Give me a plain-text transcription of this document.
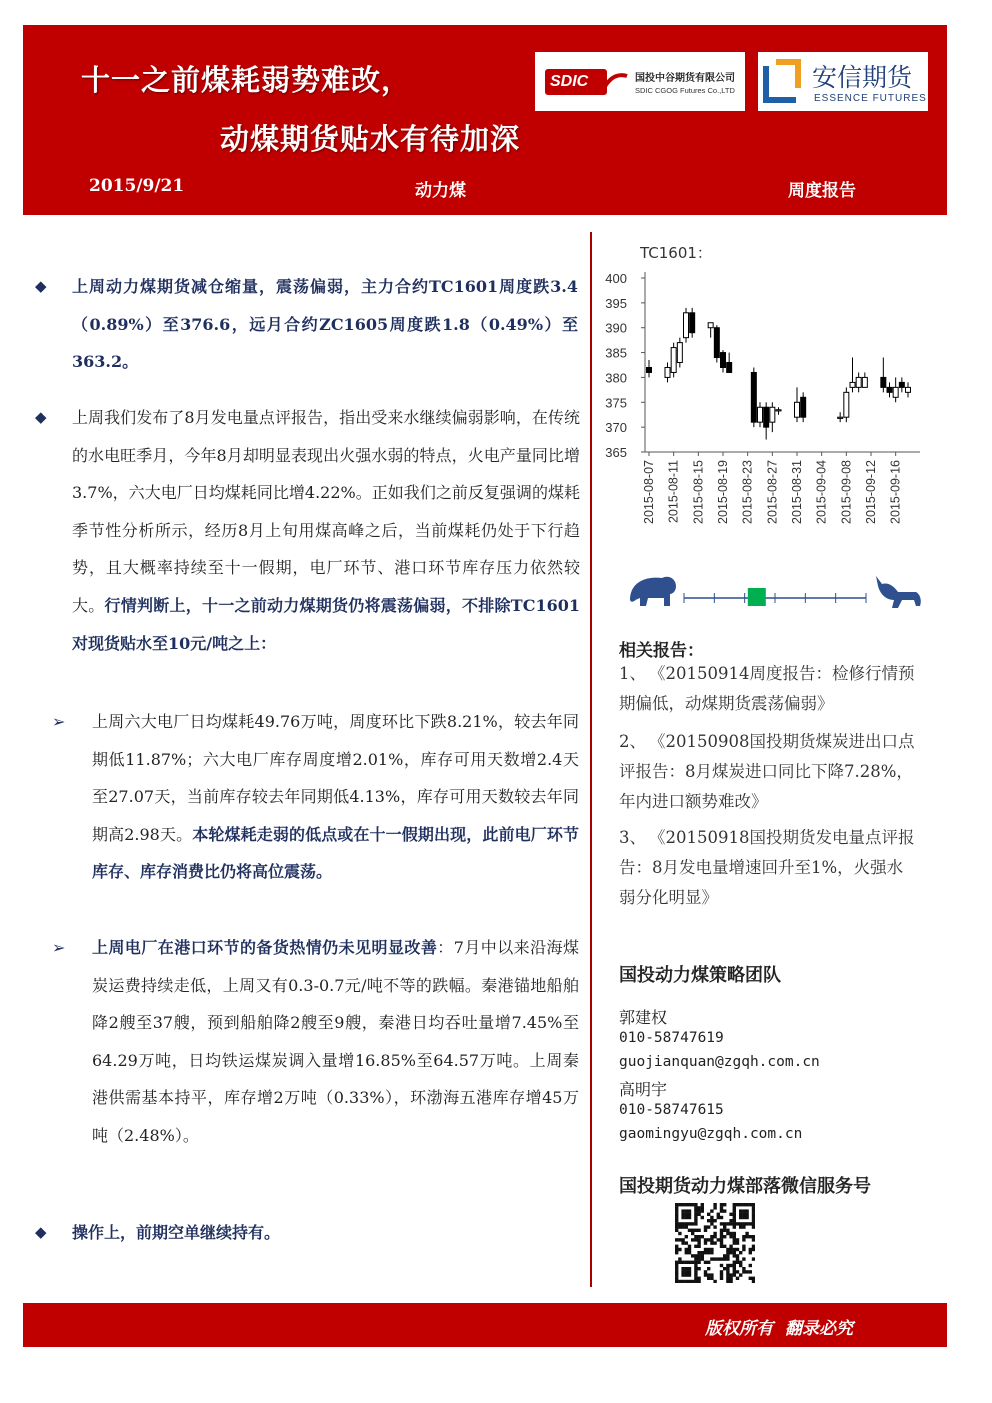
十一之前煤耗弱势难改，
动煤期货贴水有待加深
SDIC	国投中谷期货有限公司
SDIC CGOG Futures Co.,LTD	安信期货
ESSENCE FUTURES
2015/9/21	动力煤	周度报告
◆ 上周动力煤期货减仓缩量，震荡偏弱，主力合约TC1601周度跌3.4（0.89%）至376.6，远月合约ZC1605周度跌1.8（0.49%）至363.2。
◆ 上周我们发布了8月发电量点评报告，指出受来水继续偏弱影响，在传统的水电旺季月，今年8月却明显表现出火强水弱的特点，火电产量同比增3.7%，六大电厂日均煤耗同比增4.22%。正如我们之前反复强调的煤耗季节性分析所示，经历8月上旬用煤高峰之后，当前煤耗仍处于下行趋势，且大概率持续至十一假期，电厂环节、港口环节库存压力依然较大。行情判断上，十一之前动力煤期货仍将震荡偏弱，不排除TC1601对现货贴水至10元/吨之上：
➢ 上周六大电厂日均煤耗49.76万吨，周度环比下跌8.21%，较去年同期低11.87%；六大电厂库存周度增2.01%，库存可用天数增2.4天至27.07天，当前库存较去年同期低4.13%，库存可用天数较去年同期高2.98天。本轮煤耗走弱的低点或在十一假期出现，此前电厂环节库存、库存消费比仍将高位震荡。
➢ 上周电厂在港口环节的备货热情仍未见明显改善：7月中以来沿海煤炭运费持续走低，上周又有0.3-0.7元/吨不等的跌幅。秦港锚地船舶降2艘至37艘，预到船舶降2艘至9艘，秦港日均吞吐量增7.45%至64.29万吨，日均铁运煤炭调入量增16.85%至64.57万吨。上周秦港供需基本持平，库存增2万吨（0.33%），环渤海五港库存增45万吨（2.48%）。
◆ 操作上，前期空单继续持有。
TC1601：
400
395
390
385
380
375
370
365
2015-08-07 2015-08-11 2015-08-15 2015-08-19 2015-08-23 2015-08-27 2015-08-31 2015-09-04 2015-09-08 2015-09-12 2015-09-16
相关报告：
1、 《20150914周度报告：检修行情预期偏低，动煤期货震荡偏弱》
2、 《20150908国投期货煤炭进出口点评报告：8月煤炭进口同比下降7.28%，年内进口额势难改》
3、 《20150918国投期货发电量点评报告：8月发电量增速回升至1%，火强水弱分化明显》
国投动力煤策略团队
郭建权
010-58747619
guojianquan@zgqh.com.cn
高明宇
010-58747615
gaomingyu@zgqh.com.cn
国投期货动力煤部落微信服务号
版权所有  翻录必究
